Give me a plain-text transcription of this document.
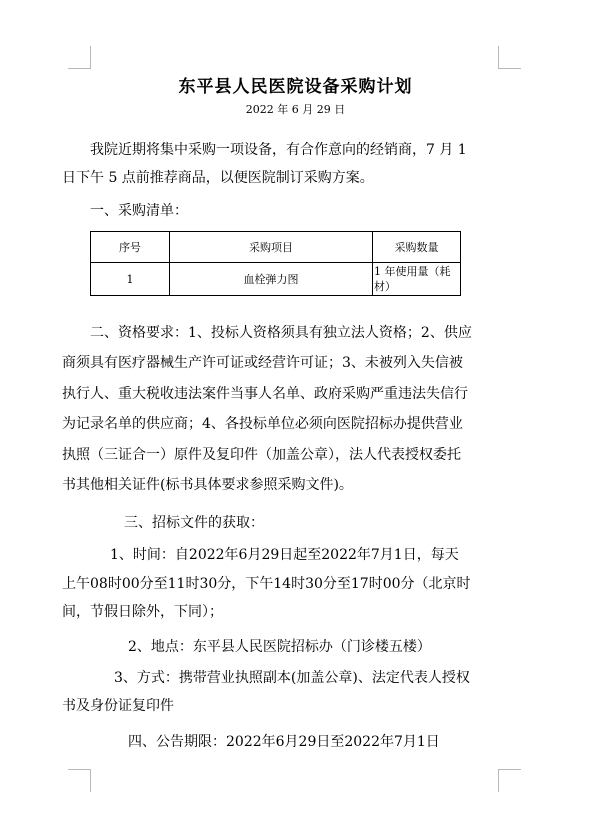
东平县人民医院设备采购计划
2022 年 6 月 29 日

我院近期将集中采购一项设备，有合作意向的经销商，7 月 1 日下午 5 点前推荐商品，以便医院制订采购方案。

一、采购清单：

序号	采购项目	采购数量
1	血栓弹力图	1 年使用量（耗材）

二、资格要求：1、投标人资格须具有独立法人资格；2、供应商须具有医疗器械生产许可证或经营许可证；3、未被列入失信被执行人、重大税收违法案件当事人名单、政府采购严重违法失信行为记录名单的供应商；4、各投标单位必须向医院招标办提供营业执照（三证合一）原件及复印件（加盖公章），法人代表授权委托书其他相关证件(标书具体要求参照采购文件)。

三、招标文件的获取：

1、时间：自2022年6月29日起至2022年7月1日，每天上午08时00分至11时30分，下午14时30分至17时00分（北京时间，节假日除外，下同）；

2、地点：东平县人民医院招标办（门诊楼五楼）

3、方式：携带营业执照副本(加盖公章)、法定代表人授权书及身份证复印件

四、公告期限：2022年6月29日至2022年7月1日
